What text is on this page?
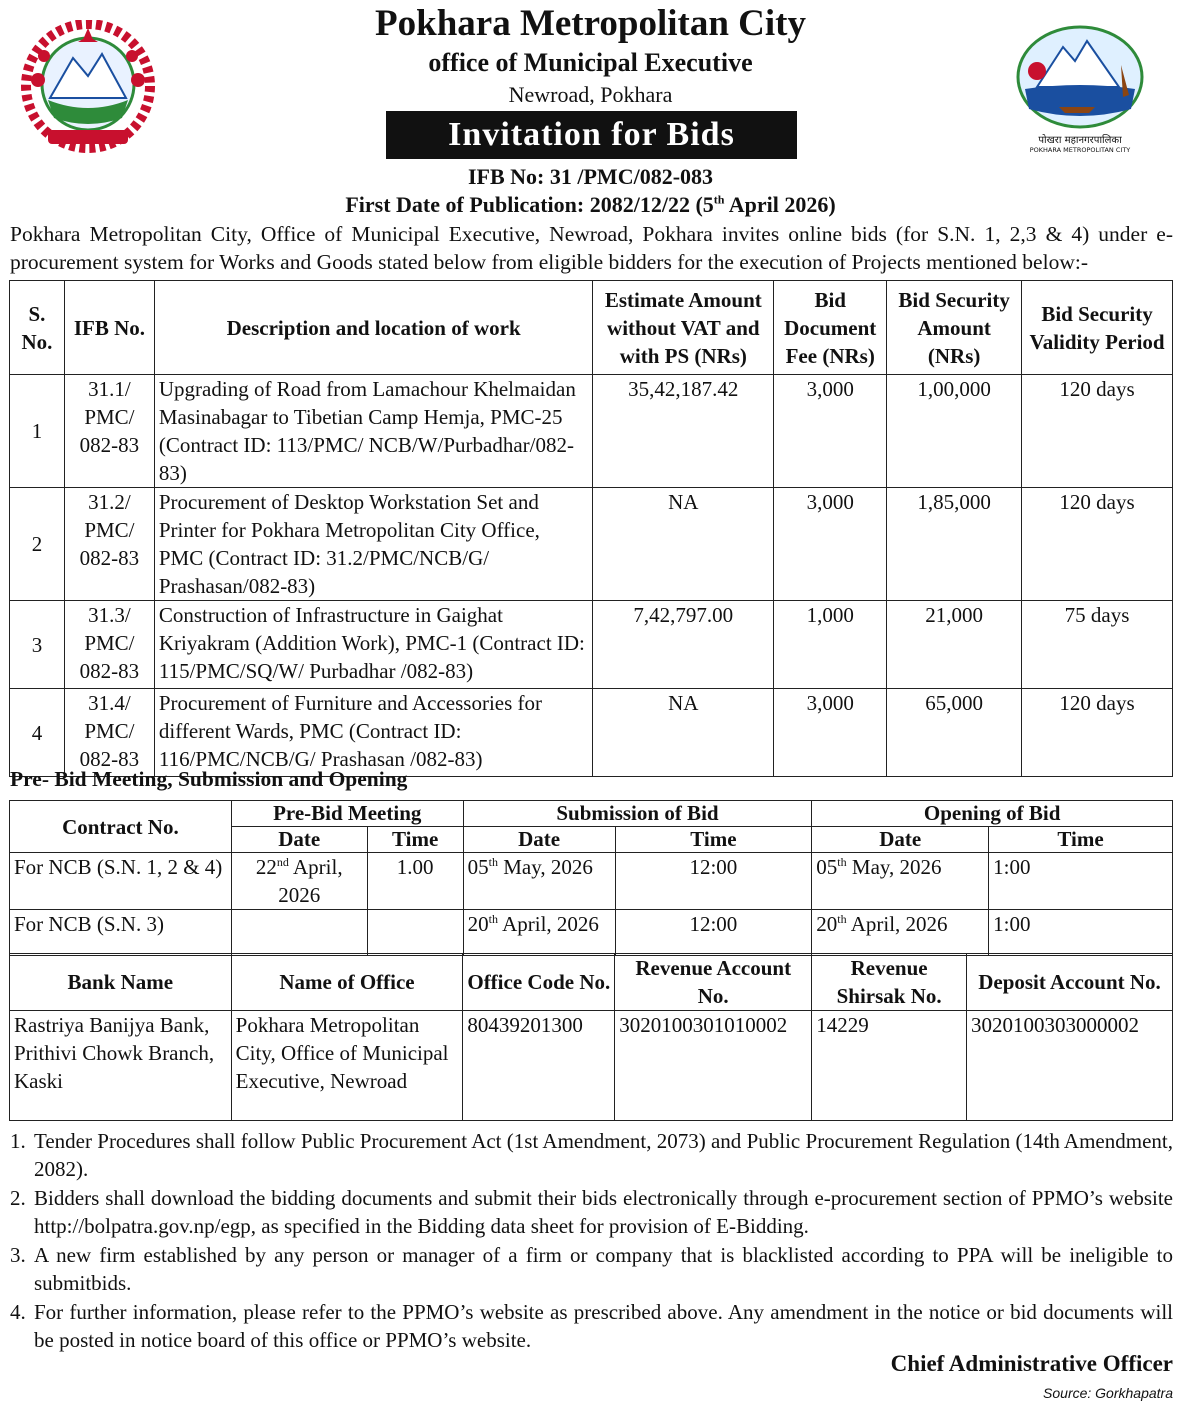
पोखरा महानगरपालिका
POKHARA METROPOLITAN CITY
Pokhara Metropolitan City
office of Municipal Executive
Newroad, Pokhara
Invitation for Bids
IFB No: 31 /PMC/082-083
First Date of Publication: 2082/12/22 (5th April 2026)
Pokhara Metropolitan City, Office of Municipal Executive, Newroad, Pokhara invites online bids (for S.N. 1, 2,3 & 4) under e- procurement system for Works and Goods stated below from eligible bidders for the execution of Projects mentioned below:-
S. No.	IFB No.	Description and location of work	Estimate Amount without VAT and with PS (NRs)	Bid Document Fee (NRs)	Bid Security Amount (NRs)	Bid Security Validity Period
1	31.1/ PMC/ 082-83	Upgrading of Road from Lamachour Khelmaidan Masinabagar to Tibetian Camp Hemja, PMC-25 (Contract ID: 113/PMC/ NCB/W/Purbadhar/082-83)	35,42,187.42	3,000	1,00,000	120 days
2	31.2/ PMC/ 082-83	Procurement of Desktop Workstation Set and Printer for Pokhara Metropolitan City Office, PMC (Contract ID: 31.2/PMC/NCB/G/ Prashasan/082-83)	NA	3,000	1,85,000	120 days
3	31.3/ PMC/ 082-83	Construction of Infrastructure in Gaighat Kriyakram (Addition Work), PMC-1 (Contract ID: 115/PMC/SQ/W/ Purbadhar /082-83)	7,42,797.00	1,000	21,000	75 days
4	31.4/ PMC/ 082-83	Procurement of Furniture and Accessories for different Wards, PMC (Contract ID: 116/PMC/NCB/G/ Prashasan /082-83)	NA	3,000	65,000	120 days
Pre- Bid Meeting, Submission and Opening
Contract No.	Pre-Bid Meeting		Submission of Bid		Opening of Bid	
	Date	Time	Date	Time	Date	Time
For NCB (S.N. 1, 2 & 4)	22nd April, 2026	1.00	05th May, 2026	12:00	05th May, 2026	1:00
For NCB (S.N. 3)			20th April, 2026	12:00	20th April, 2026	1:00
Bank Name	Name of Office	Office Code No.	Revenue Account No.	Revenue Shirsak No.	Deposit Account No.
Rastriya Banijya Bank, Prithivi Chowk Branch, Kaski	Pokhara Metropolitan City, Office of Municipal Executive, Newroad	80439201300	3020100301010002	14229	3020100303000002
1. Tender Procedures shall follow Public Procurement Act (1st Amendment, 2073) and Public Procurement Regulation (14th Amendment, 2082).
2. Bidders shall download the bidding documents and submit their bids electronically through e-procurement section of PPMO’s website http://bolpatra.gov.np/egp, as specified in the Bidding data sheet for provision of E-Bidding.
3. A new firm established by any person or manager of a firm or company that is blacklisted according to PPA will be ineligible to submitbids.
4. For further information, please refer to the PPMO’s website as prescribed above. Any amendment in the notice or bid documents will be posted in notice board of this office or PPMO’s website.
Chief Administrative Officer
Source: Gorkhapatra
